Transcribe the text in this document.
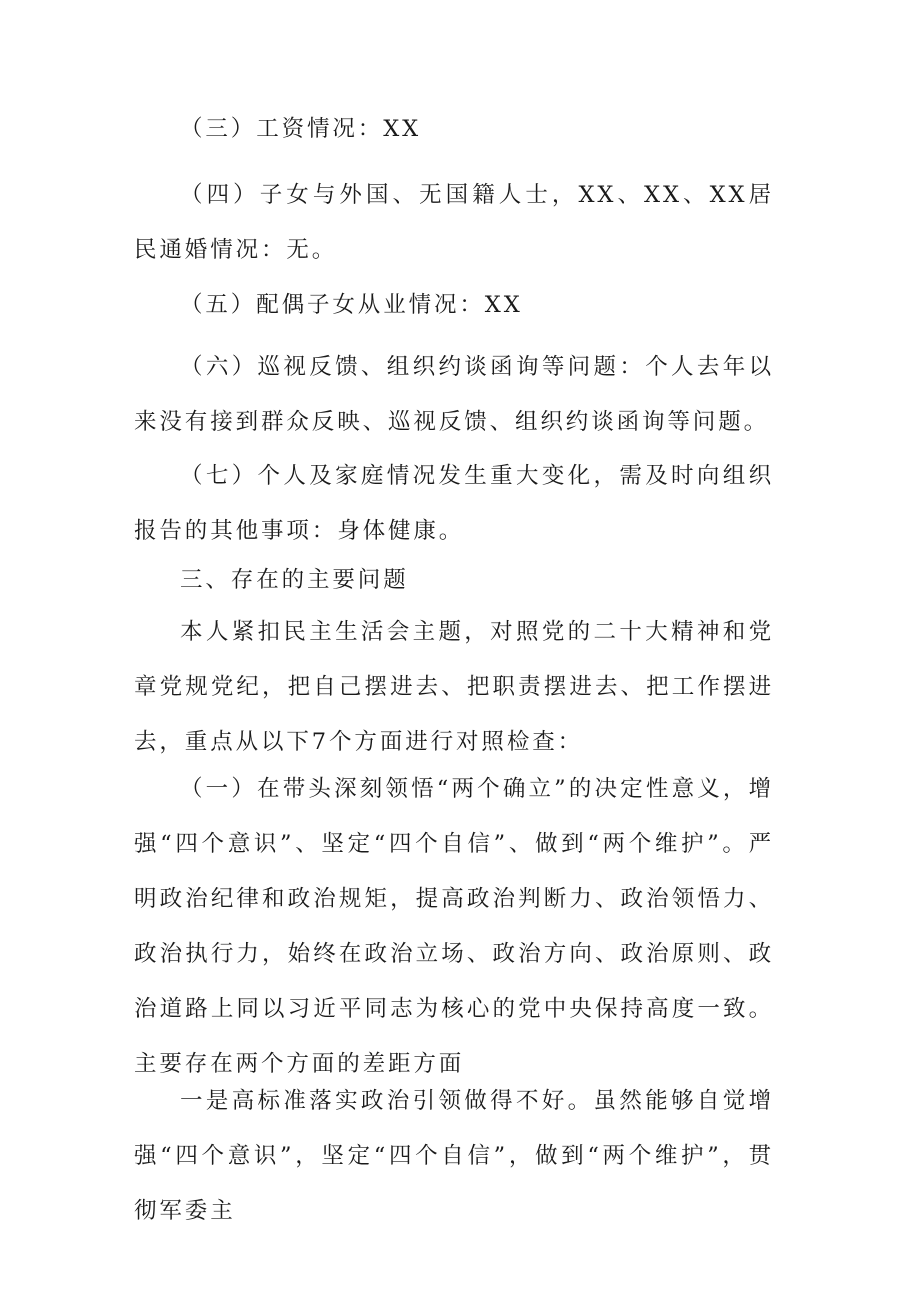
（三）工资情况：XX

（四）子女与外国、无国籍人士，XX、XX、XX居民通婚情况：无。

（五）配偶子女从业情况：XX

（六）巡视反馈、组织约谈函询等问题：个人去年以来没有接到群众反映、巡视反馈、组织约谈函询等问题。

（七）个人及家庭情况发生重大变化，需及时向组织报告的其他事项：身体健康。

三、存在的主要问题

本人紧扣民主生活会主题，对照党的二十大精神和党章党规党纪，把自己摆进去、把职责摆进去、把工作摆进去，重点从以下7个方面进行对照检查：

（一）在带头深刻领悟“两个确立”的决定性意义，增强“四个意识”、坚定“四个自信”、做到“两个维护”。严明政治纪律和政治规矩，提高政治判断力、政治领悟力、政治执行力，始终在政治立场、政治方向、政治原则、政治道路上同以习近平同志为核心的党中央保持高度一致。主要存在两个方面的差距方面

一是高标准落实政治引领做得不好。虽然能够自觉增强“四个意识”，坚定“四个自信”，做到“两个维护”，贯彻军委主
